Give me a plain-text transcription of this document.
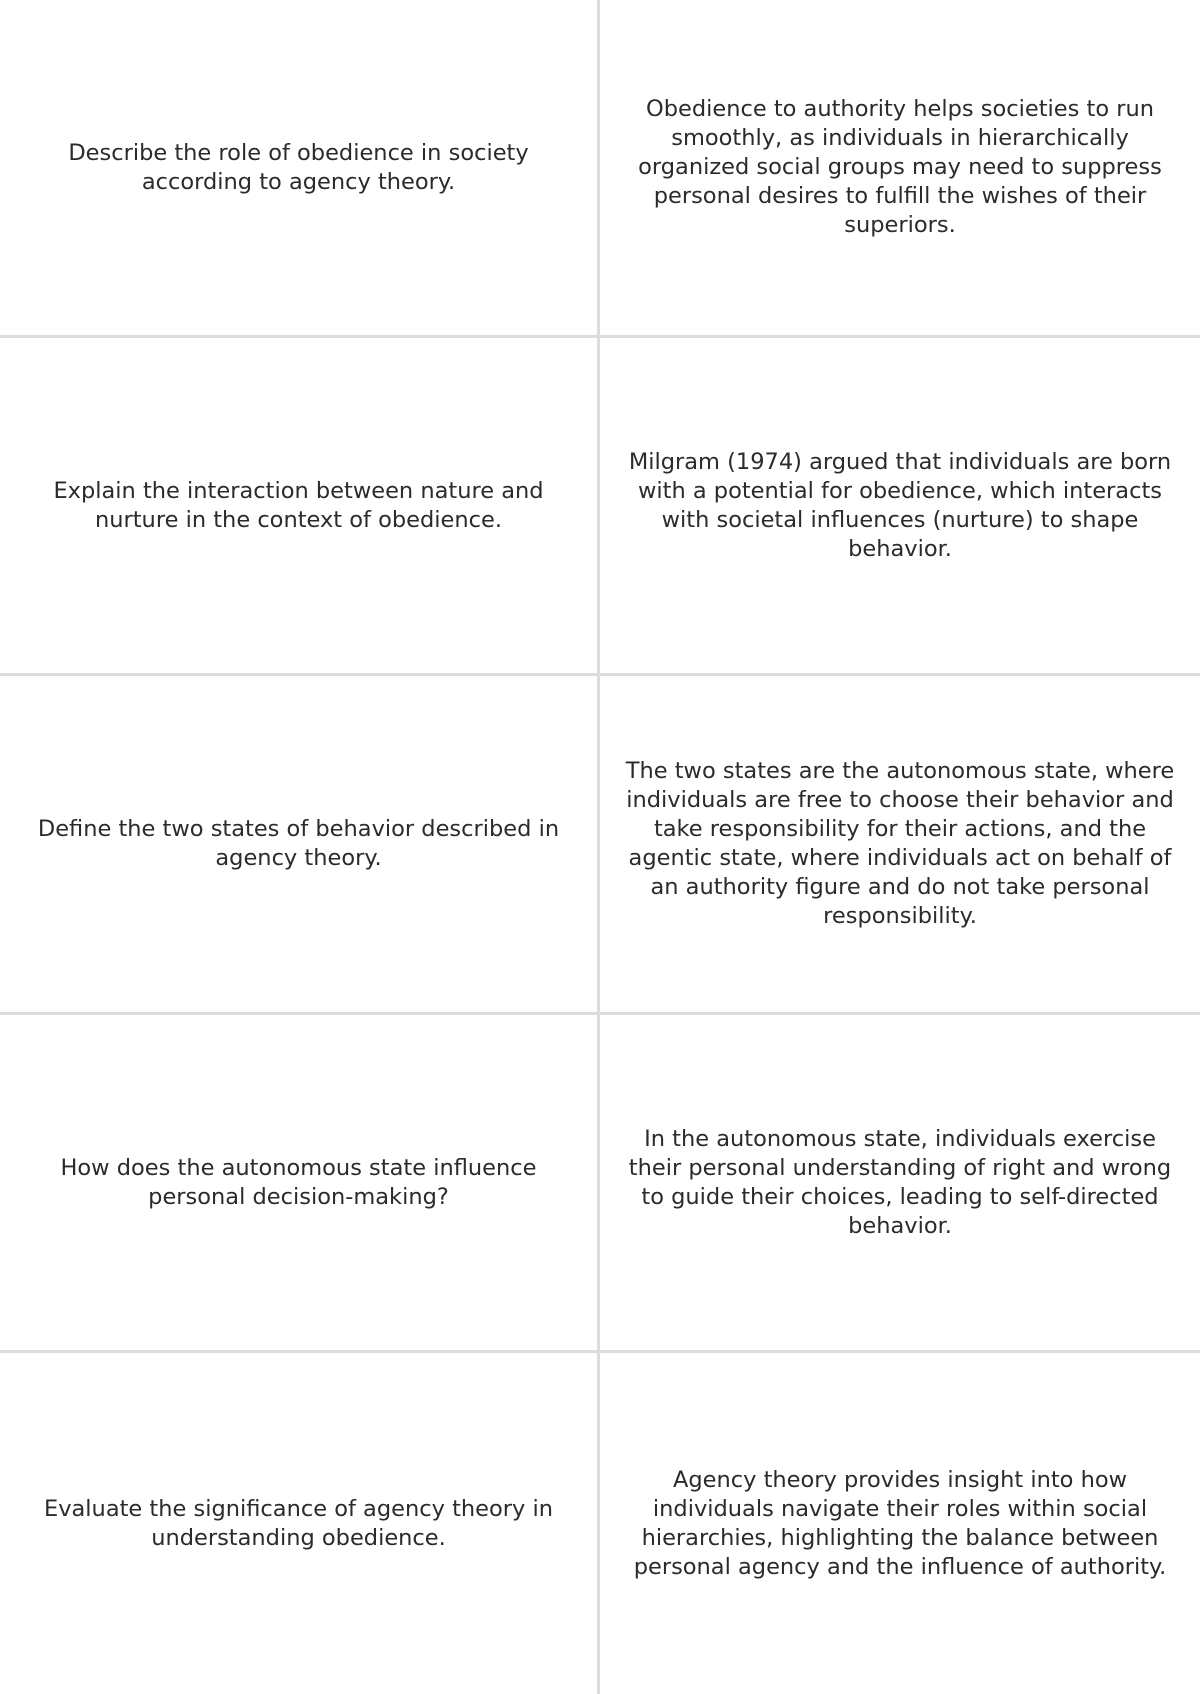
Describe the role of obedience in society according to agency theory.
Obedience to authority helps societies to run smoothly, as individuals in hierarchically organized social groups may need to suppress personal desires to fulfill the wishes of their superiors.
Explain the interaction between nature and nurture in the context of obedience.
Milgram (1974) argued that individuals are born with a potential for obedience, which interacts with societal influences (nurture) to shape behavior.
Define the two states of behavior described in agency theory.
The two states are the autonomous state, where individuals are free to choose their behavior and take responsibility for their actions, and the agentic state, where individuals act on behalf of an authority figure and do not take personal responsibility.
How does the autonomous state influence personal decision-making?
In the autonomous state, individuals exercise their personal understanding of right and wrong to guide their choices, leading to self-directed behavior.
Evaluate the significance of agency theory in understanding obedience.
Agency theory provides insight into how individuals navigate their roles within social hierarchies, highlighting the balance between personal agency and the influence of authority.
